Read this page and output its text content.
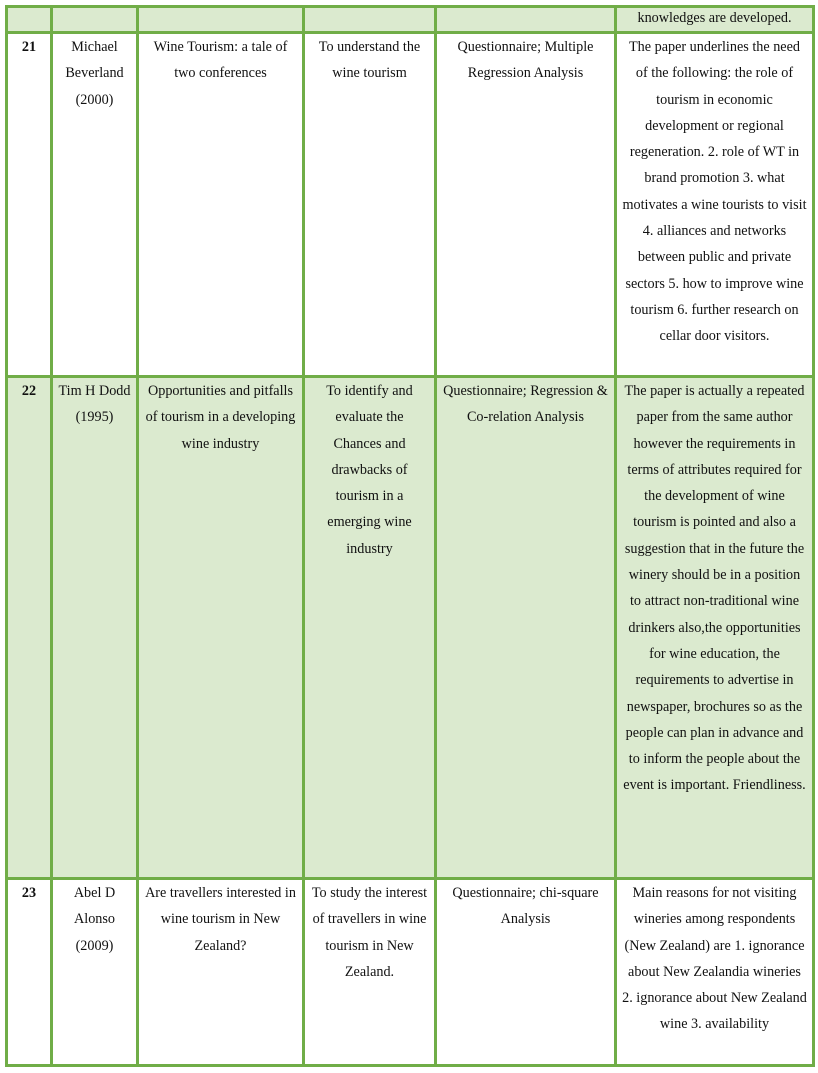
					knowledges are developed.

21	Michael Beverland (2000)	Wine Tourism: a tale of two conferences	To understand the wine tourism	Questionnaire; Multiple Regression Analysis	The paper underlines the need of the following: the role of tourism in economic development or regional regeneration. 2. role of WT in brand promotion 3. what motivates a wine tourists to visit 4. alliances and networks between public and private sectors 5. how to improve wine tourism 6. further research on cellar door visitors.
22	Tim H Dodd (1995)	Opportunities and pitfalls of tourism in a developing wine industry	To identify and evaluate the Chances and drawbacks of tourism in a emerging wine industry	Questionnaire; Regression & Co-relation Analysis	The paper is actually a repeated paper from the same author however the requirements in terms of attributes required for the development of wine tourism is pointed and also a suggestion that in the future the winery should be in a position to attract non-traditional wine drinkers also,the opportunities for wine education, the requirements to advertise in newspaper, brochures so as the people can plan in advance and to inform the people about the event is important. Friendliness.
23	Abel D Alonso (2009)	Are travellers interested in wine tourism in New Zealand?	To study the interest of travellers in wine tourism in New Zealand.	Questionnaire; chi-square Analysis	Main reasons for not visiting wineries among respondents (New Zealand) are 1. ignorance about New Zealandia wineries 2. ignorance about New Zealand wine 3. availability
